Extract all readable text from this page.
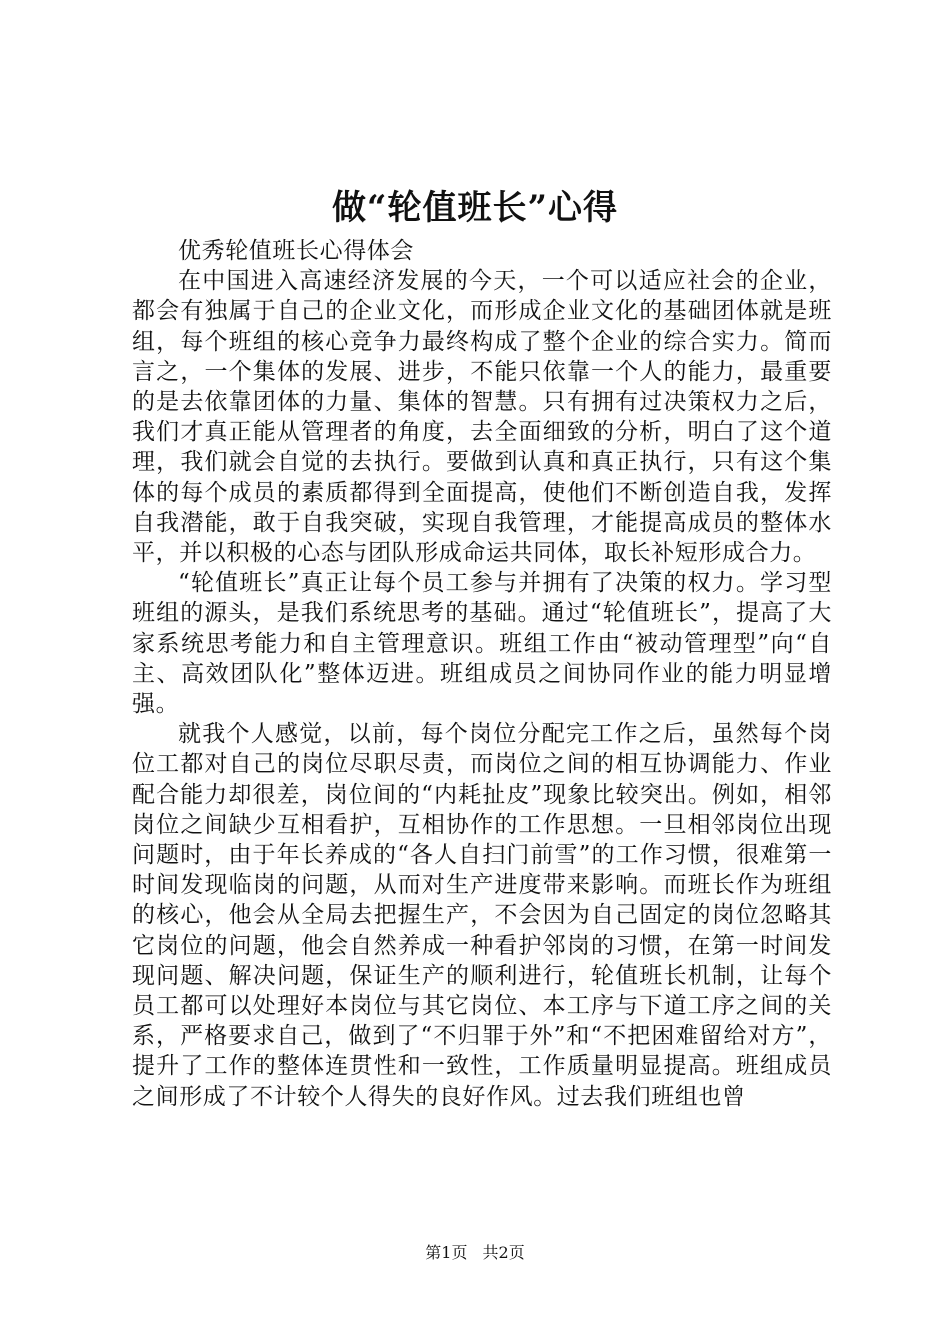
做“轮值班长”心得

优秀轮值班长心得体会

在中国进入高速经济发展的今天，一个可以适应社会的企业，都会有独属于自己的企业文化，而形成企业文化的基础团体就是班组，每个班组的核心竞争力最终构成了整个企业的综合实力。简而言之，一个集体的发展、进步，不能只依靠一个人的能力，最重要的是去依靠团体的力量、集体的智慧。只有拥有过决策权力之后，我们才真正能从管理者的角度，去全面细致的分析，明白了这个道理，我们就会自觉的去执行。要做到认真和真正执行，只有这个集体的每个成员的素质都得到全面提高，使他们不断创造自我，发挥自我潜能，敢于自我突破，实现自我管理，才能提高成员的整体水平，并以积极的心态与团队形成命运共同体，取长补短形成合力。

“轮值班长”真正让每个员工参与并拥有了决策的权力。学习型班组的源头，是我们系统思考的基础。通过“轮值班长”，提高了大家系统思考能力和自主管理意识。班组工作由“被动管理型”向“自主、高效团队化”整体迈进。班组成员之间协同作业的能力明显增强。

就我个人感觉，以前，每个岗位分配完工作之后，虽然每个岗位工都对自己的岗位尽职尽责，而岗位之间的相互协调能力、作业配合能力却很差，岗位间的“内耗扯皮”现象比较突出。例如，相邻岗位之间缺少互相看护，互相协作的工作思想。一旦相邻岗位出现问题时，由于年长养成的“各人自扫门前雪”的工作习惯，很难第一时间发现临岗的问题，从而对生产进度带来影响。而班长作为班组的核心，他会从全局去把握生产，不会因为自己固定的岗位忽略其它岗位的问题，他会自然养成一种看护邻岗的习惯，在第一时间发现问题、解决问题，保证生产的顺利进行，轮值班长机制，让每个员工都可以处理好本岗位与其它岗位、本工序与下道工序之间的关系，严格要求自己，做到了“不归罪于外”和“不把困难留给对方”，提升了工作的整体连贯性和一致性，工作质量明显提高。班组成员之间形成了不计较个人得失的良好作风。过去我们班组也曾

第1页 共2页
